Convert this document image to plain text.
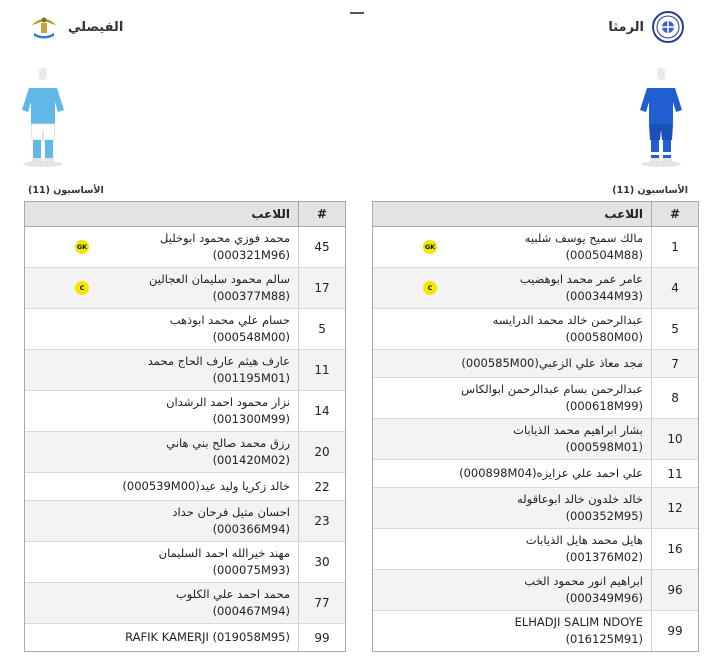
الرمثا
الفيصلي
الأساسيون (11)
الأساسيون (11)
#
اللاعب
1
مالك سميح يوسف شلبيه
(000504M88)
GK
4
عامر عمر محمد ابوهضيب
(000344M93)
C
5
عبدالرحمن خالد محمد الدرايسه
(000580M00)
7
مجد معاذ علي الزعبي(000585M00)
8
عبدالرحمن بسام عبدالرحمن ابوالكاس
(000618M99)
10
بشار ابراهيم محمد الذيابات
(000598M01)
11
علي احمد علي عزايزه(000898M04)
12
خالد خلدون خالد ابوعاقوله
(000352M95)
16
هايل محمد هايل الذيابات
(001376M02)
96
ابراهيم انور محمود الخب
(000349M96)
99
ELHADJI SALIM NDOYE
(016125M91)
#
اللاعب
45
محمد فوزي محمود ابوخليل
(000321M96)
GK
17
سالم محمود سليمان العجالين
(000377M88)
C
5
حسام علي محمد ابوذهب
(000548M00)
11
عارف هيثم عارف الحاج محمد
(001195M01)
14
نزار محمود احمد الرشدان
(001300M99)
20
رزق محمد صالح بني هاني
(001420M02)
22
خالد زكريا وليد عيد(000539M00)
23
احسان متيل فرحان حداد
(000366M94)
30
مهند خيرالله احمد السليمان
(000075M93)
77
محمد احمد علي الكلوب
(000467M94)
99
RAFIK KAMERJI (019058M95)
